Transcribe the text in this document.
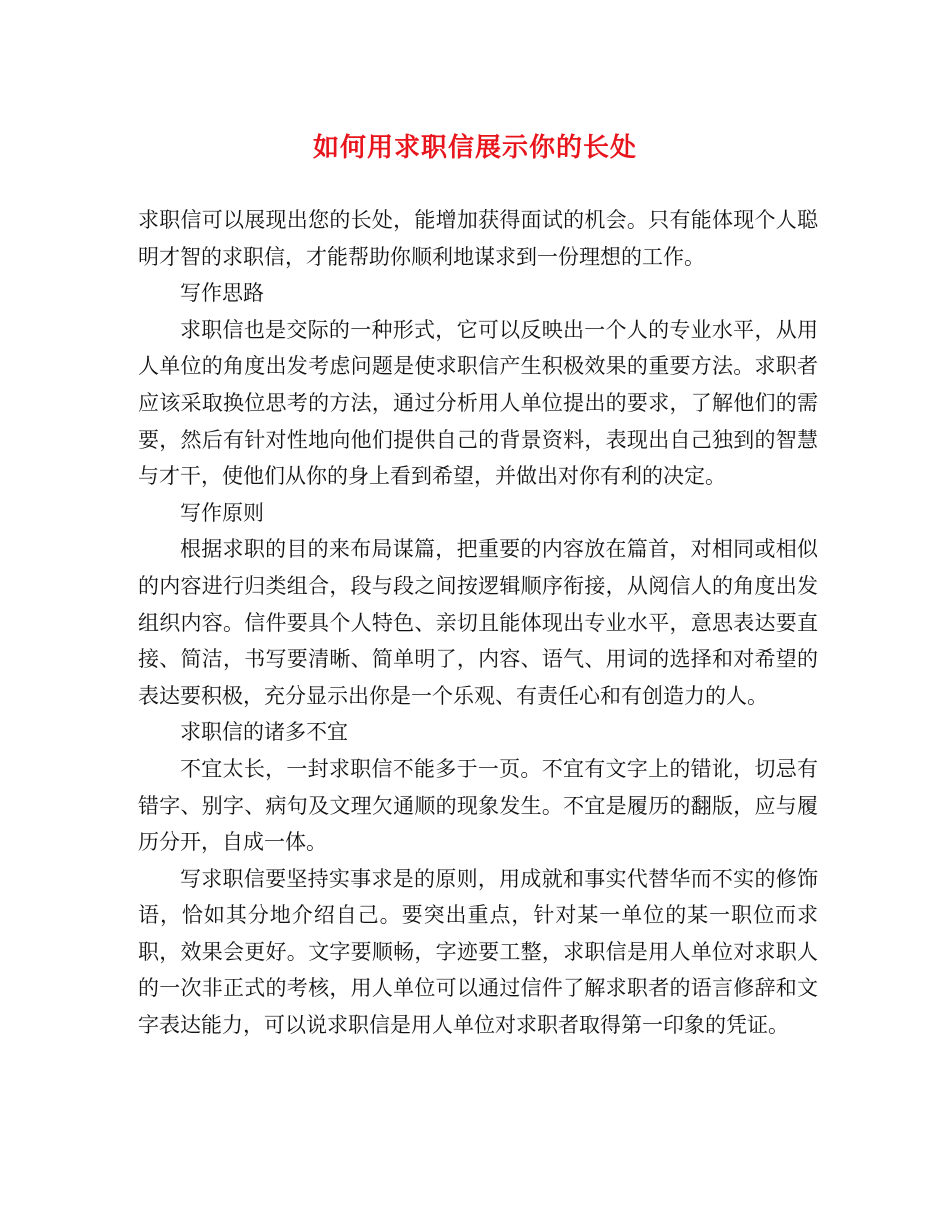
如何用求职信展示你的长处

求职信可以展现出您的长处，能增加获得面试的机会。只有能体现个人聪明才智的求职信，才能帮助你顺利地谋求到一份理想的工作。

写作思路

求职信也是交际的一种形式，它可以反映出一个人的专业水平，从用人单位的角度出发考虑问题是使求职信产生积极效果的重要方法。求职者应该采取换位思考的方法，通过分析用人单位提出的要求，了解他们的需要，然后有针对性地向他们提供自己的背景资料，表现出自己独到的智慧与才干，使他们从你的身上看到希望，并做出对你有利的决定。

写作原则

根据求职的目的来布局谋篇，把重要的内容放在篇首，对相同或相似的内容进行归类组合，段与段之间按逻辑顺序衔接，从阅信人的角度出发组织内容。信件要具个人特色、亲切且能体现出专业水平，意思表达要直接、简洁，书写要清晰、简单明了，内容、语气、用词的选择和对希望的表达要积极，充分显示出你是一个乐观、有责任心和有创造力的人。

求职信的诸多不宜

不宜太长，一封求职信不能多于一页。不宜有文字上的错讹，切忌有错字、别字、病句及文理欠通顺的现象发生。不宜是履历的翻版，应与履历分开，自成一体。

写求职信要坚持实事求是的原则，用成就和事实代替华而不实的修饰语，恰如其分地介绍自己。要突出重点，针对某一单位的某一职位而求职，效果会更好。文字要顺畅，字迹要工整，求职信是用人单位对求职人的一次非正式的考核，用人单位可以通过信件了解求职者的语言修辞和文字表达能力，可以说求职信是用人单位对求职者取得第一印象的凭证。
